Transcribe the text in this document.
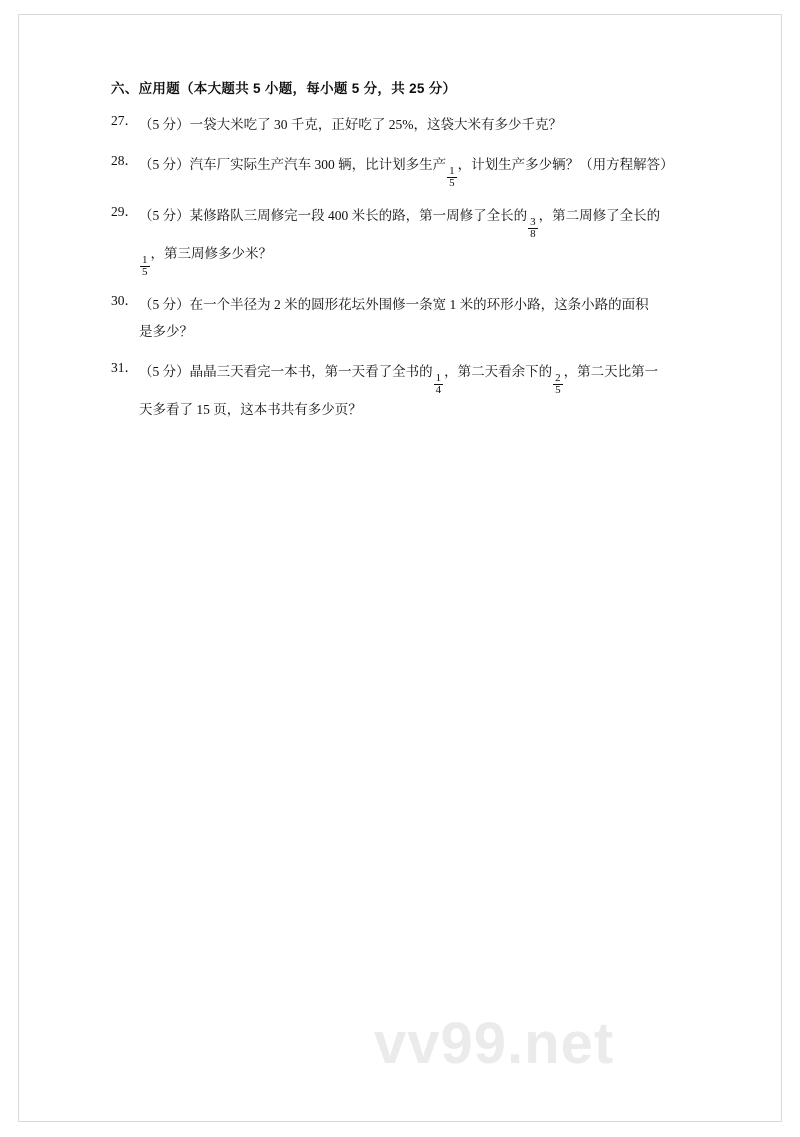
六、应用题（本大题共 5 小题，每小题 5 分，共 25 分）
27． （5 分）一袋大米吃了 30 千克，正好吃了 25%，这袋大米有多少千克？
28． （5 分）汽车厂实际生产汽车 300 辆，比计划多生产
$\frac{1}{5}$
，计划生产多少辆？（用方程解答）
29． （5 分）某修路队三周修完一段 400 米长的路，第一周修了全长的
$\frac{3}{8}$
，第二周修了全长的
$\frac{1}{5}$
，第三周修多少米？
30． （5 分）在一个半径为 2 米的圆形花坛外围修一条宽 1 米的环形小路，这条小路的面积
是多少？
31． （5 分）晶晶三天看完一本书，第一天看了全书的
$\frac{1}{4}$
，第二天看余下的
$\frac{2}{5}$
，第二天比第一
天多看了 15 页，这本书共有多少页？
vv99.net
